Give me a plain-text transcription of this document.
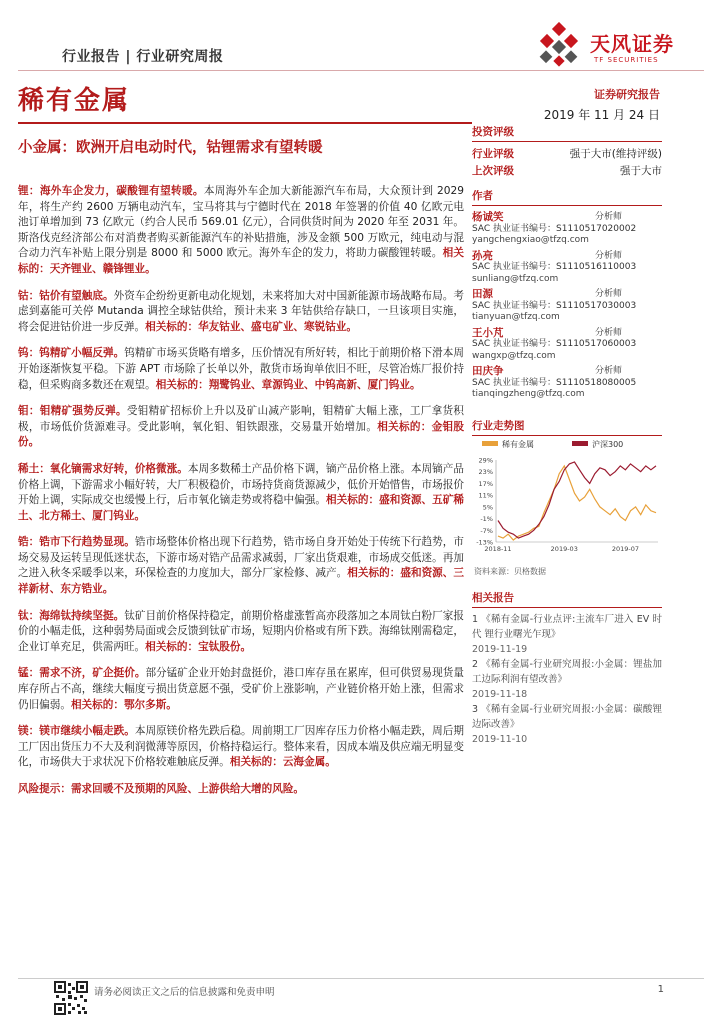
行业报告 | 行业研究周报
天风证券
TF SECURITIES
稀有金属	证券研究报告
2019 年 11 月 24 日
小金属：欧洲开启电动时代，钴锂需求有望转暖

锂：海外车企发力，碳酸锂有望转暖。本周海外车企加大新能源汽车布局，大众预计到 2029 年，将生产约 2600 万辆电动汽车，宝马将其与宁德时代在 2018 年签署的价值 40 亿欧元电池订单增加到 73 亿欧元（约合人民币 569.01 亿元），合同供货时间为 2020 年至 2031 年。斯洛伐克经济部公布对消费者购买新能源汽车的补贴措施，涉及金额 500 万欧元，纯电动与混合动力汽车补贴上限分别是 8000 和 5000 欧元。海外车企的发力，将助力碳酸锂转暖。相关标的：天齐锂业、赣锋锂业。

钴：钴价有望触底。外资车企纷纷更新电动化规划，未来将加大对中国新能源市场战略布局。考虑到嘉能可关停 Mutanda 调控全球钴供给，预计未来 3 年钴供给存缺口，一旦该项目实施，将会促进钴价进一步反弹。相关标的：华友钴业、盛屯矿业、寒锐钴业。

钨：钨精矿小幅反弹。钨精矿市场买货略有增多，压价情况有所好转，相比于前期价格下滑本周开始逐渐恢复平稳。下游 APT 市场除了长单以外，散货市场询单依旧不旺，尽管冶炼厂报价持稳，但采购商多数还在观望。相关标的：翔鹭钨业、章源钨业、中钨高新、厦门钨业。

钼：钼精矿强势反弹。受钼精矿招标价上升以及矿山减产影响，钼精矿大幅上涨，工厂拿货积极，市场低价货源难寻。受此影响，氧化钼、钼铁跟涨，交易量开始增加。相关标的：金钼股份。

稀土：氧化镝需求好转，价格微涨。本周多数稀土产品价格下调，镝产品价格上涨。本周镝产品价格上调，下游需求小幅好转，大厂积极稳价，市场持货商货源减少，低价开始惜售，市场报价开始上调，实际成交也缓慢上行，后市氧化镝走势或将稳中偏强。相关标的：盛和资源、五矿稀土、北方稀土、厦门钨业。

锆：锆市下行趋势显现。锆市场整体价格出现下行趋势，锆市场自身开始处于传统下行趋势，市场交易及运转呈现低迷状态，下游市场对锆产品需求减弱，厂家出货艰难，市场成交低迷。再加之进入秋冬采暖季以来，环保检查的力度加大，部分厂家检修、减产。相关标的：盛和资源、三祥新材、东方锆业。

钛：海绵钛持续坚挺。钛矿目前价格保持稳定，前期价格虚涨暂高亦段落加之本周钛白粉厂家报价的小幅走低，这种弱势局面或会反馈到钛矿市场，短期内价格或有所下跌。海绵钛刚需稳定，企业订单充足，供需两旺。相关标的：宝钛股份。

锰：需求不济，矿企挺价。部分锰矿企业开始封盘挺价，港口库存虽在累库，但可供贸易现货量库存所占不高，继续大幅度亏损出货意愿不强，受矿价上涨影响，产业链价格开始上涨，但需求仍旧偏弱。相关标的：鄂尔多斯。

镁：镁市继续小幅走跌。本周原镁价格先跌后稳。周前期工厂因库存压力价格小幅走跌，周后期工厂因出货压力不大及利润微薄等原因，价格持稳运行。整体来看，因成本端及供应端无明显变化，市场供大于求状况下价格较难触底反弹。相关标的：云海金属。

风险提示：需求回暖不及预期的风险、上游供给大增的风险。

投资评级
行业评级	强于大市(维持评级)
上次评级	强于大市
作者
杨诚笑	分析师
SAC 执业证书编号：S1110517020002
yangchengxiao@tfzq.com
孙亮	分析师
SAC 执业证书编号：S1110516110003
sunliang@tfzq.com
田源	分析师
SAC 执业证书编号：S1110517030003
tianyuan@tfzq.com
王小芃	分析师
SAC 执业证书编号：S1110517060003
wangxp@tfzq.com
田庆争	分析师
SAC 执业证书编号：S1110518080005
tianqingzheng@tfzq.com
行业走势图
稀有金属	沪深300
29%
23%
17%
11%
5%
-1%
-7%
-13%
2018-11	2019-03	2019-07
资料来源：贝格数据
相关报告
1 《稀有金属-行业点评:主流车厂进入 EV 时代 锂行业曙光乍现》
2019-11-19
2 《稀有金属-行业研究周报:小金属：锂盐加工边际利润有望改善》
2019-11-18
3 《稀有金属-行业研究周报:小金属：碳酸锂边际改善》
2019-11-10
请务必阅读正文之后的信息披露和免责申明	1
